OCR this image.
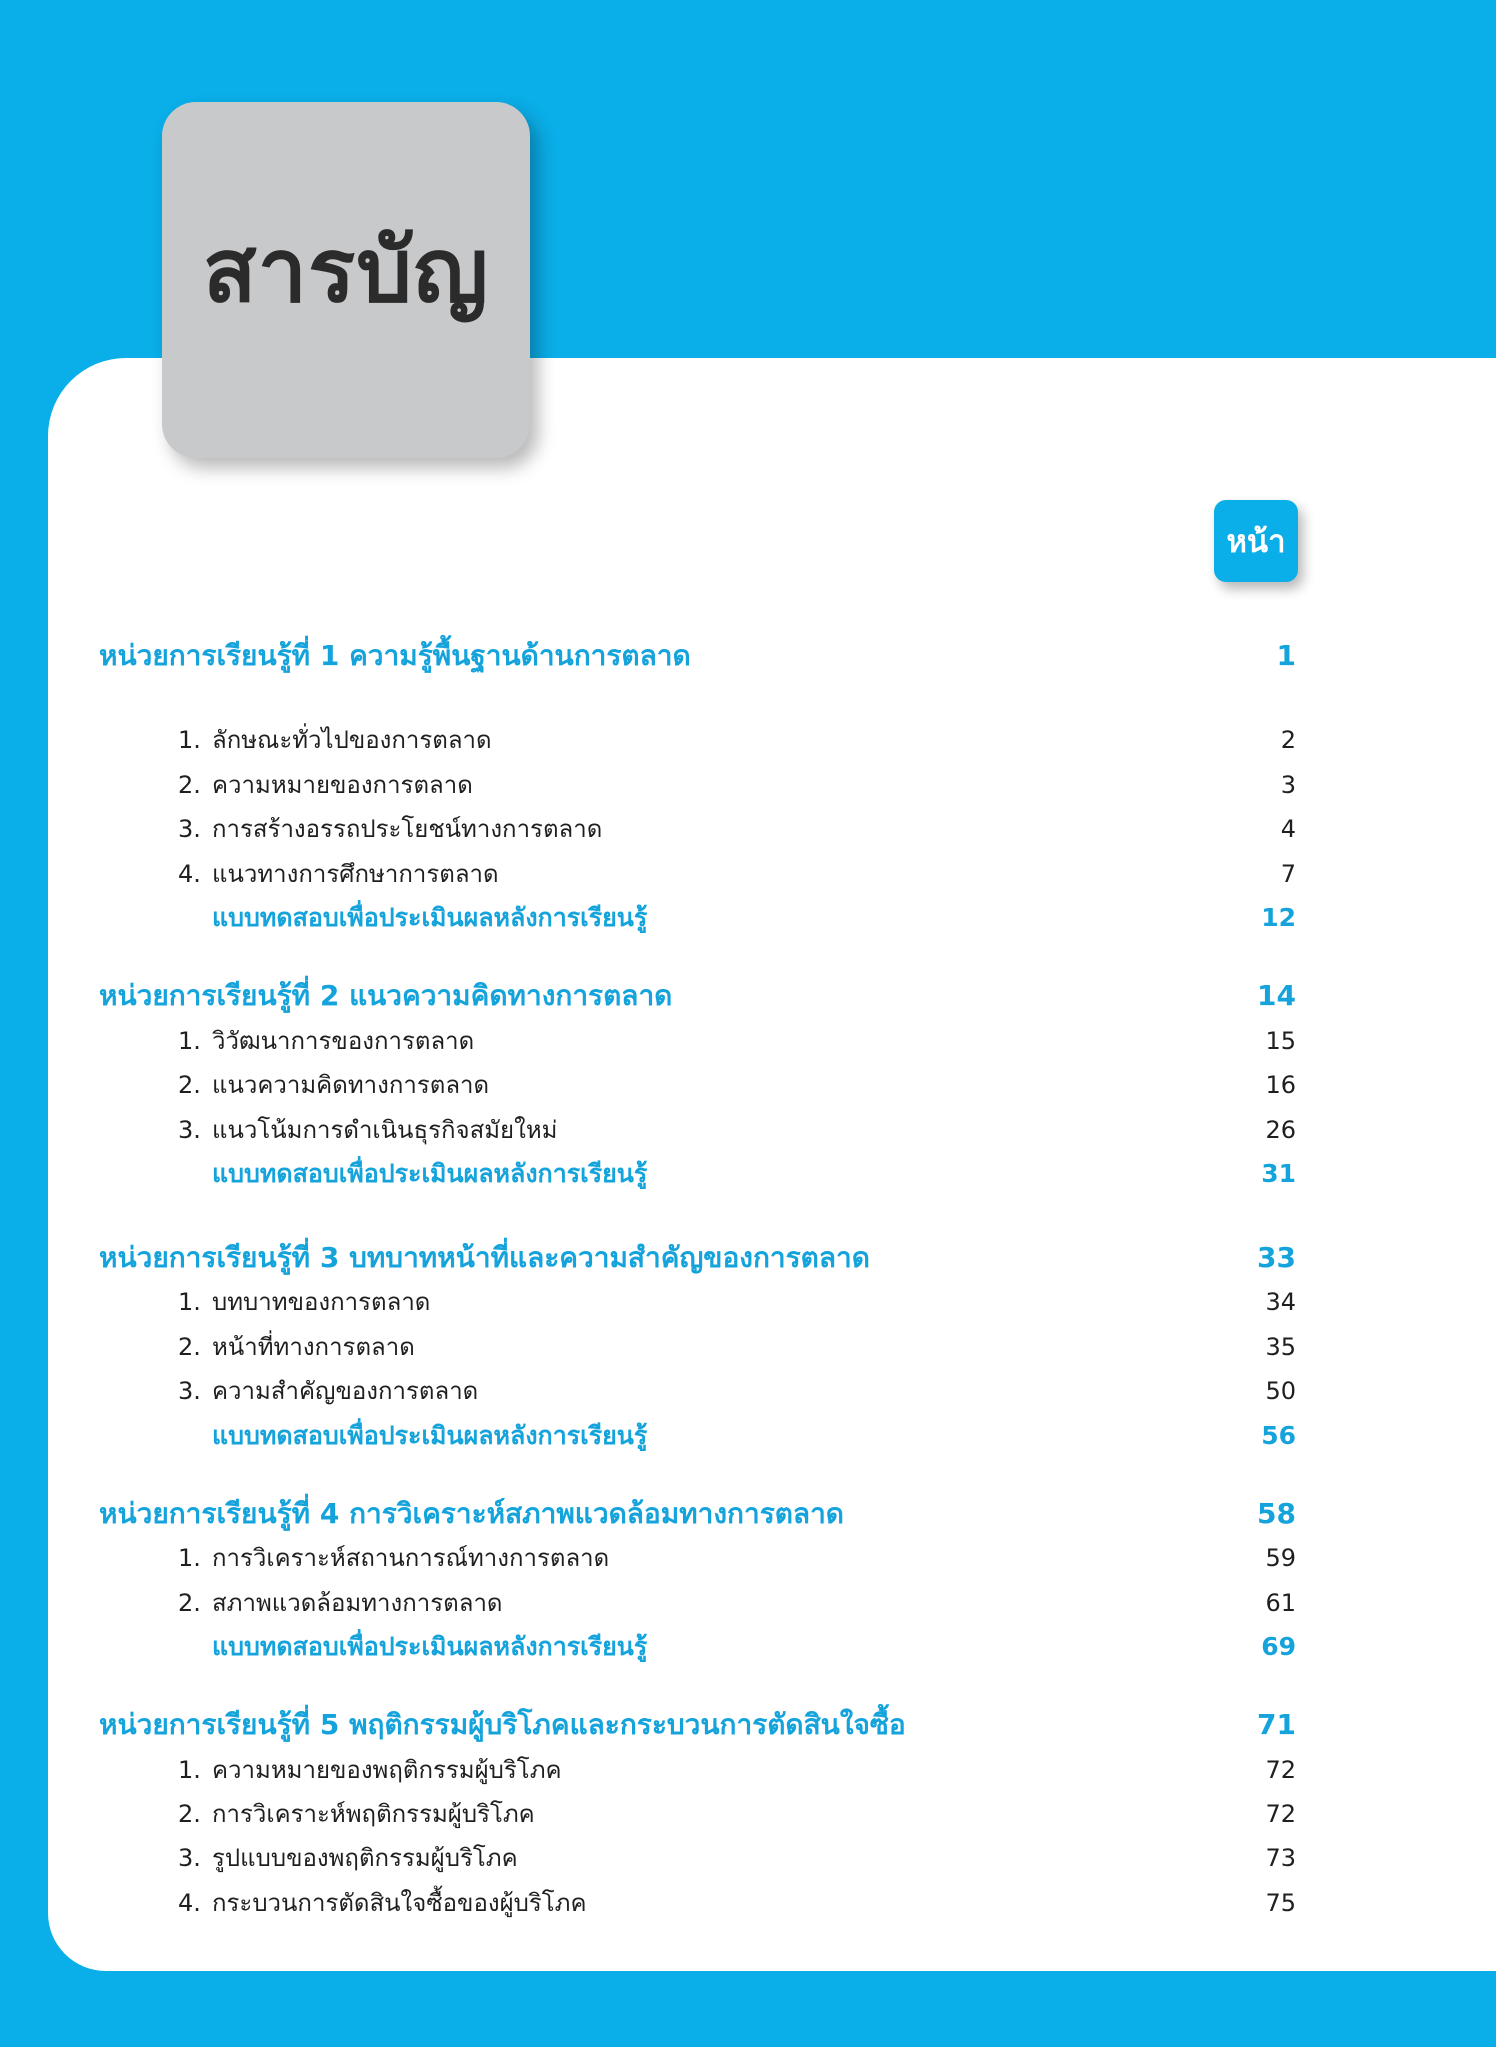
สารบัญ
หน้า
หน่วยการเรียนรู้ที่ 1 ความรู้พื้นฐานด้านการตลาด	1
1. ลักษณะทั่วไปของการตลาด	2
2. ความหมายของการตลาด	3
3. การสร้างอรรถประโยชน์ทางการตลาด	4
4. แนวทางการศึกษาการตลาด	7
แบบทดสอบเพื่อประเมินผลหลังการเรียนรู้	12
หน่วยการเรียนรู้ที่ 2 แนวความคิดทางการตลาด	14
1. วิวัฒนาการของการตลาด	15
2. แนวความคิดทางการตลาด	16
3. แนวโน้มการดำเนินธุรกิจสมัยใหม่	26
แบบทดสอบเพื่อประเมินผลหลังการเรียนรู้	31
หน่วยการเรียนรู้ที่ 3 บทบาทหน้าที่และความสำคัญของการตลาด	33
1. บทบาทของการตลาด	34
2. หน้าที่ทางการตลาด	35
3. ความสำคัญของการตลาด	50
แบบทดสอบเพื่อประเมินผลหลังการเรียนรู้	56
หน่วยการเรียนรู้ที่ 4 การวิเคราะห์สภาพแวดล้อมทางการตลาด	58
1. การวิเคราะห์สถานการณ์ทางการตลาด	59
2. สภาพแวดล้อมทางการตลาด	61
แบบทดสอบเพื่อประเมินผลหลังการเรียนรู้	69
หน่วยการเรียนรู้ที่ 5 พฤติกรรมผู้บริโภคและกระบวนการตัดสินใจซื้อ	71
1. ความหมายของพฤติกรรมผู้บริโภค	72
2. การวิเคราะห์พฤติกรรมผู้บริโภค	72
3. รูปแบบของพฤติกรรมผู้บริโภค	73
4. กระบวนการตัดสินใจซื้อของผู้บริโภค	75
